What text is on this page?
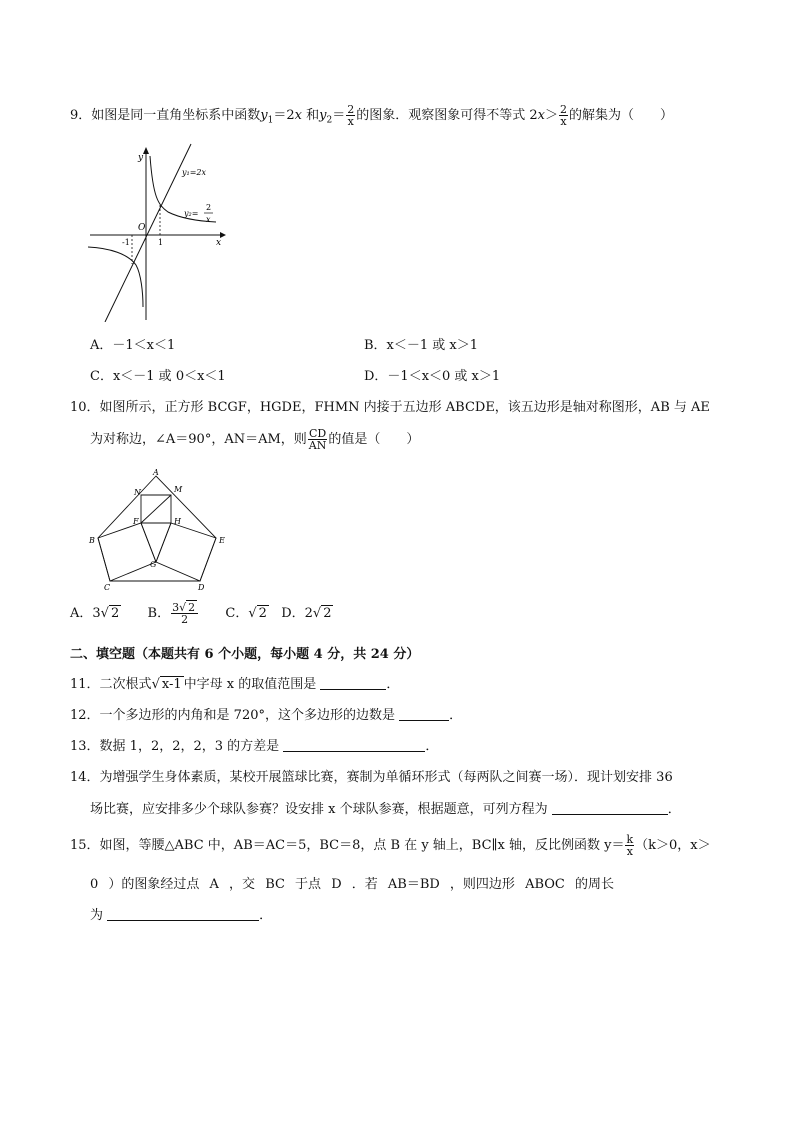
9．如图是同一直角坐标系中函数$y_1=2x$ 和$y_2= \frac{2}{x}$ 的图象．观察图象可得不等式 $2x> \frac{2}{x}$ 的解集为（　　）
y
x
O
-1	1
y₁=2x
y₂=
2
x
A．－1＜x＜1	B．x＜－1 或 x＞1
C．x＜－1 或 0＜x＜1	D．－1＜x＜0 或 x＞1
10．如图所示，正方形 BCGF，HGDE，FHMN 内接于五边形 ABCDE，该五边形是轴对称图形，AB 与 AE
为对称边，∠A＝90°，AN＝AM，则 $\frac{CD}{AN}$ 的值是（　　）
A
N	M
F	H
B	E
G
C	D
A．3√ 2 B． $\frac{3√ 2}{2}$ C．√ 2 D．2√ 2
二、填空题（本题共有 6 个小题，每小题 4 分，共 24 分）
11．二次根式√ x-1 中字母 x 的取值范围是	．
12．一个多边形的内角和是 720°，这个多边形的边数是	．
13．数据 1，2，2，2，3 的方差是	．
14．为增强学生身体素质，某校开展篮球比赛，赛制为单循环形式（每两队之间赛一场）．现计划安排 36
场比赛，应安排多少个球队参赛？设安排 x 个球队参赛，根据题意，可列方程为	．
15．如图，等腰△ABC 中，AB＝AC＝5，BC＝8，点 B 在 y 轴上，BC∥x 轴，反比例函数 $y= \frac{k}{x} (k>0$，x＞
0 ）的图象经过点 A ，交 BC 于点 D ．若 AB＝BD ，则四边形 ABOC 的周长
为	．
